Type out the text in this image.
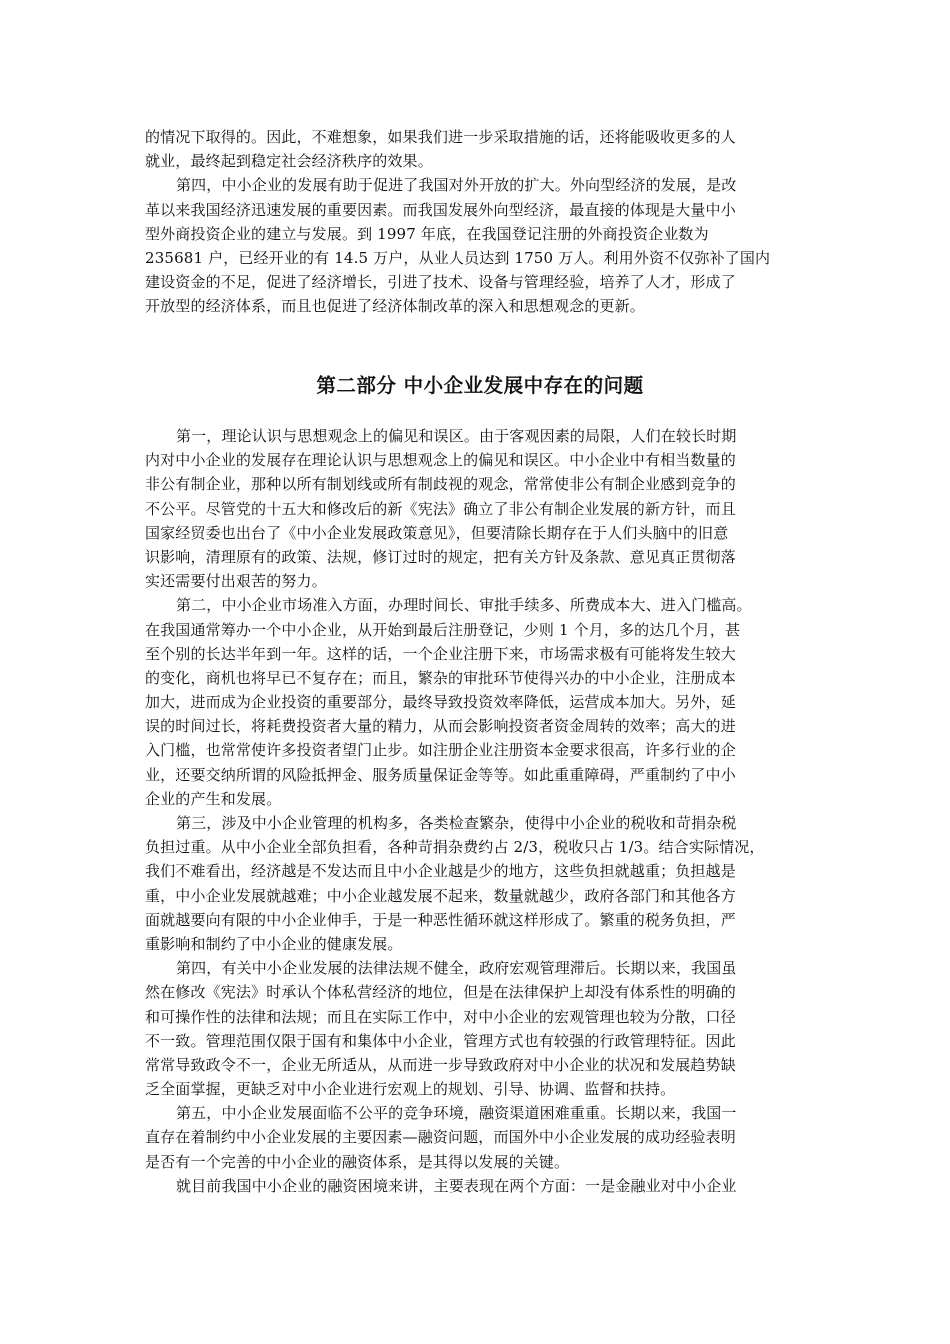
的情况下取得的。因此，不难想象，如果我们进一步采取措施的话，还将能吸收更多的人
就业，最终起到稳定社会经济秩序的效果。
第四，中小企业的发展有助于促进了我国对外开放的扩大。外向型经济的发展，是改
革以来我国经济迅速发展的重要因素。而我国发展外向型经济，最直接的体现是大量中小
型外商投资企业的建立与发展。到 1997 年底，在我国登记注册的外商投资企业数为
235681 户，已经开业的有 14.5 万户，从业人员达到 1750 万人。利用外资不仅弥补了国内
建设资金的不足，促进了经济增长，引进了技术、设备与管理经验，培养了人才，形成了
开放型的经济体系，而且也促进了经济体制改革的深入和思想观念的更新。
第二部分 中小企业发展中存在的问题
第一，理论认识与思想观念上的偏见和误区。由于客观因素的局限，人们在较长时期
内对中小企业的发展存在理论认识与思想观念上的偏见和误区。中小企业中有相当数量的
非公有制企业，那种以所有制划线或所有制歧视的观念，常常使非公有制企业感到竞争的
不公平。尽管党的十五大和修改后的新《宪法》确立了非公有制企业发展的新方针，而且
国家经贸委也出台了《中小企业发展政策意见》，但要清除长期存在于人们头脑中的旧意
识影响，清理原有的政策、法规，修订过时的规定，把有关方针及条款、意见真正贯彻落
实还需要付出艰苦的努力。
第二，中小企业市场准入方面，办理时间长、审批手续多、所费成本大、进入门槛高。
在我国通常筹办一个中小企业，从开始到最后注册登记，少则 1 个月，多的达几个月，甚
至个别的长达半年到一年。这样的话，一个企业注册下来，市场需求极有可能将发生较大
的变化，商机也将早已不复存在；而且，繁杂的审批环节使得兴办的中小企业，注册成本
加大，进而成为企业投资的重要部分，最终导致投资效率降低，运营成本加大。另外，延
误的时间过长，将耗费投资者大量的精力，从而会影响投资者资金周转的效率；高大的进
入门槛，也常常使许多投资者望门止步。如注册企业注册资本金要求很高，许多行业的企
业，还要交纳所谓的风险抵押金、服务质量保证金等等。如此重重障碍，严重制约了中小
企业的产生和发展。
第三，涉及中小企业管理的机构多，各类检查繁杂，使得中小企业的税收和苛捐杂税
负担过重。从中小企业全部负担看，各种苛捐杂费约占 2/3，税收只占 1/3。结合实际情况，
我们不难看出，经济越是不发达而且中小企业越是少的地方，这些负担就越重；负担越是
重，中小企业发展就越难；中小企业越发展不起来，数量就越少，政府各部门和其他各方
面就越要向有限的中小企业伸手，于是一种恶性循环就这样形成了。繁重的税务负担，严
重影响和制约了中小企业的健康发展。
第四，有关中小企业发展的法律法规不健全，政府宏观管理滞后。长期以来，我国虽
然在修改《宪法》时承认个体私营经济的地位，但是在法律保护上却没有体系性的明确的
和可操作性的法律和法规；而且在实际工作中，对中小企业的宏观管理也较为分散，口径
不一致。管理范围仅限于国有和集体中小企业，管理方式也有较强的行政管理特征。因此
常常导致政令不一，企业无所适从，从而进一步导致政府对中小企业的状况和发展趋势缺
乏全面掌握，更缺乏对中小企业进行宏观上的规划、引导、协调、监督和扶持。
第五，中小企业发展面临不公平的竞争环境，融资渠道困难重重。长期以来，我国一
直存在着制约中小企业发展的主要因素—融资问题，而国外中小企业发展的成功经验表明
是否有一个完善的中小企业的融资体系，是其得以发展的关键。
就目前我国中小企业的融资困境来讲，主要表现在两个方面：一是金融业对中小企业
